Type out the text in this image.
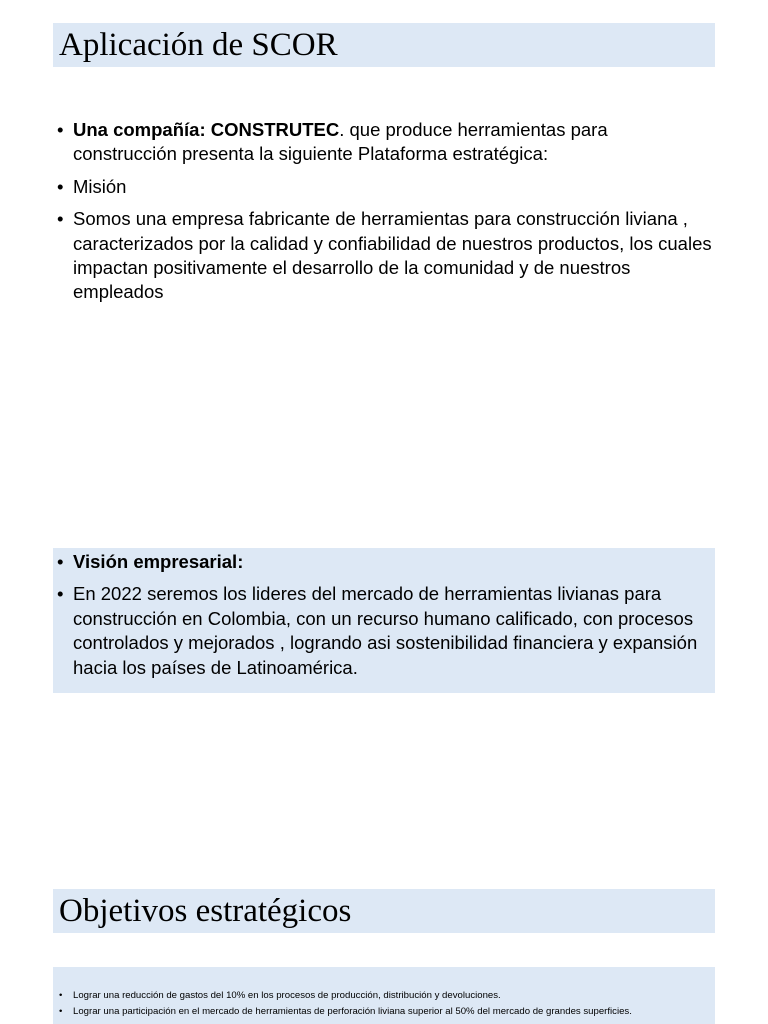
Aplicación de SCOR
• Una compañía: CONSTRUTEC. que produce herramientas para construcción presenta la siguiente Plataforma estratégica:
• Misión
• Somos una empresa fabricante de herramientas para construcción liviana , caracterizados por la calidad y confiabilidad de nuestros productos, los cuales impactan positivamente el desarrollo de la comunidad y de nuestros empleados
• Visión empresarial:
• En 2022 seremos los lideres del mercado de herramientas livianas para construcción en Colombia, con un recurso humano calificado, con procesos controlados y mejorados , logrando asi sostenibilidad financiera y expansión hacia los países de Latinoamérica.
Objetivos estratégicos
• Lograr una reducción de gastos del 10% en los procesos de producción, distribución y devoluciones.
• Lograr una participación en el mercado de herramientas de perforación liviana superior al 50% del mercado de grandes superficies.
